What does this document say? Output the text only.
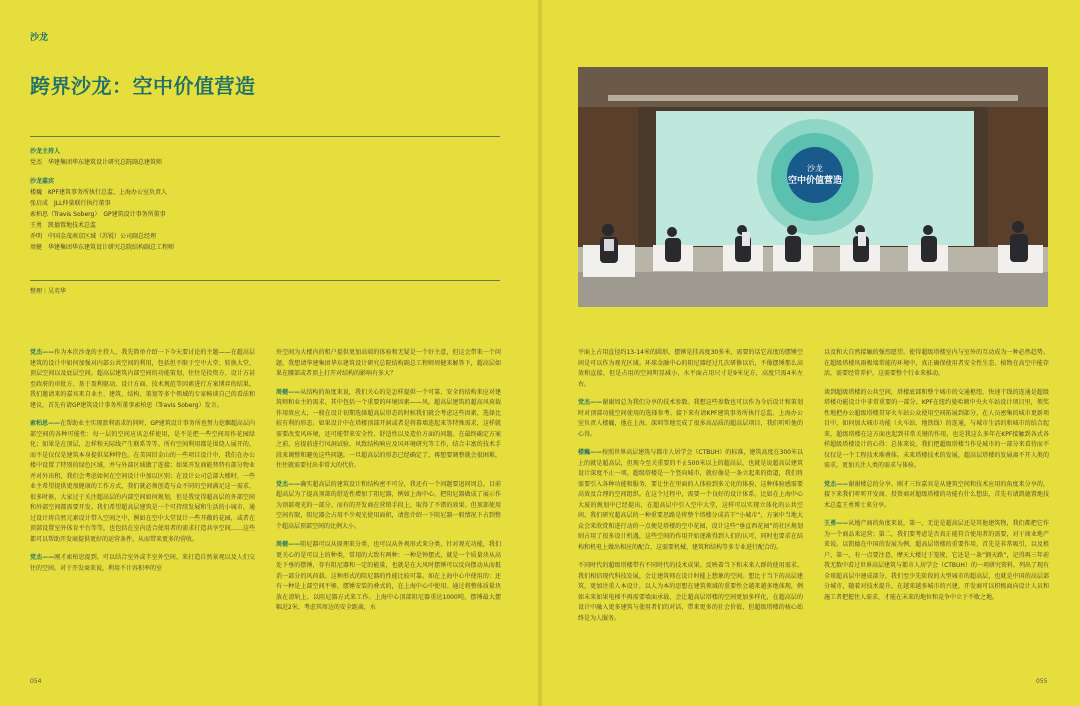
沙龙
跨界沙龙：空中价值营造
沙龙主持人
党杰　华建集团华东建筑设计研究总院副总建筑师
沙龙嘉宾
楼巍　KPF建筑事务所执行总监、上海办公室负责人
张启成　JLL仲量联行执行董事
索柏思（Travis Soberg）　GP建筑设计事务所董事
王勇　凯德置地技术总监
乔明　中国金茂南京区域（苏锐）公司副总经理
周健　华建集团华东建筑设计研究总院结构副总工程师
整理｜吴英华

党杰——作为本次沙龙的主持人，我先简单介绍一下今天要讨论的主题——在超高层建筑的设计中如何加强对内部公共空间的利用，包括但不限于空中大堂、转换大堂、顶层空间以及底层空间。超高层建筑内部空间的功能策划，往往是投资方、设计方甚至政府的审批方、基于盈利驱动、设计方面、技术规范等因素进行方案博弈的结果，我们邀请来的嘉宾来自业主、建筑、结构、策划等多个领域的专家畅谈自己的看法和建议，首先有请GP建筑设计事务所董事索柏思（Travis Soberg）发言。

索柏思——在帮助业主实现盈利需求的同时，GP建筑设计事务所也努力挖掘超高层内部空间的各种可能性：每一层的空间应该怎样使用，是不是把一些空间用作花园绿化；如果是在顶层，怎样和天际线产生联系等等。所有空间利用都是围绕人展开的，而不是仅仅是建筑本身提供某种特色。在美国旧金山的一些项目设计中，我们在办公楼中设置了特别的绿色区域，并与外部区域做了连接；如果开发商能替特有部分物业并对外出租，我们会考虑如何在空间设计中加以区别；在设计公司总部大楼时，一些业主希望提供更加健康的工作方式，我们就必须创造与众不同的空间满足这一需求，很多时候，大家过于关注超高层的内部空间如何规划，但是我觉得超高层的外部空间和外部空间都需要开发。我们希望超高层建筑是一个可持续发展和生活的小城市，通过设计将自然元素设计带入空间之中，例如在空中大堂设计一些开敞的花园，或者在顶部设置室外体育平台等等，也包括在室内适合使用者的需求打造共享空间……这些都可以帮助开发商提供更好的运营条件，从而带来更多的营收。

党杰——刚才索柏思提到，可以结合室外或半室外空间，来打造自然景观以及人们交往的空间。对于开发商来说，利用不计容积率的室

外空间为大楼内的租户提供更加高端的体验和无疑是一个好主意，但这会带来一个问题，我想请华建集团华东建筑设计研究总院结构副总工程师周健来解答下，超高层如果在腰部或者顶上打开对结构的影响有多大？

周健——从结构的角度来说，我们关心的是怎样提供一个可靠、安全的结构来应对建筑师和业主的需求。其中包括一个重要的环境因素——风。超高层建筑的超高风荷载作用效应大，一般在设计初期选择超高层形态的时候我们就会考虑这些因素，选择比较有利的形态。如果设计中在塔楼顶部开洞或者是将幕墙连起来等特殊需求，这样就需要改变风环境，还可能带来安全性、舒适性以及造价方面的问题。在最终确定方案之前，应提前进行风洞试验，风致结构响应及风环境研究等工作，结合丰富的技术手段来调整和避免这些问题。一旦超高层的形态已经确定了，再想要调整就会很困难，往往就需要付出非常大的代价。

党杰——确实超高层的建筑设计和结构密不可分，我还有一个问题要追问周总。目前超高层为了提高顶部的舒适性增加了阻尼器，例如上海中心，把阻尼器做成了展示作为顶部观光的一部分。而有的开发商在营销手段上，取得了不错的效果。但顶部使用空间有限，阻尼器会占用不少观光使用面积，请您介绍一下阻尼器一般情况下占到整个超高层顶部空间的比例大小。

周健——阻尼器可以从原理来分类，也可以从外观形式来分类，针对观光功能，我们更关心的是可以上的种类，常用的大致有两种：一种是钟摆式，就是一个质量块从高处下垂的摆锤，存有阻尼器和一定的能量，也就是在大风时摆锤可以反向摆动从而抵消一部分的风荷载。这种形式的阻尼器的性能比较可靠。如在上海中心中使用的：还有一种是上部空间不够，摆锤安装的叠式的，在上海中心中使用。通过将整体质量块放在滑轨上，以阻尼器方式来工作。上海中心顶部阻尼器重达1000吨，摆锤最大摆幅近2米，考虑其周边的安全距离，水

054
沙龙
空中价值营造

平面上占用直径约13-14米的圆形，摆锤是挂高度30多米，需要的话它高度的摆锤空间是可以作为观光区域。环球金融中心的阻尼器经过几次研修以后，不像摆锤那么高效和直接，但是占用的空间明显减小，水平面占用尺寸是9米见方，高度只需4米左右。

党杰——谢谢周总为我们分享的技术参数。我想这些参数也可以作为今后设计和策划时对顶部功能空间使用的选择参考。接下来有请KPF建筑事务所执行总监、上海办公室负责人楼巍，他在上海、深圳等地完成了很多高品质的超高层项目，我们听听他的心得。

楼巍——按照世界高层建筑与都市人居学会（CTBUH）的标准，建筑高度在300米以上的就是超高层，但现今至关重要的不止500米以上的超高层，也就是说超高层建筑设计深度不止一项。超级塔楼是一个竖向城市，就好像是一条立起来的街道，我们将需要引入各种功能和服务，要让住在里面的人体验到多元化的体验，这种体验感需要高效及合理的空间组织。在这个过程中，需要一个良好的设计体系。比如在上海中心大厦的规划中已经提出，在超高层中引入空中大堂，这样可以实现立体化的公共空间。我们研究超高层的一种重要思路是将整个塔楼分成若干“小城市”，方案中当地大众会来欣赏和进行动的一点便是塔楼的空中花园，设计这些“垂直西花园”的社区规划则占用了很多设计机遇，这些空间的作用开始逐渐得到人们的认可，同时也要求在结构和机电上做出相应的配合，这需要机械、建筑和结构等多专业进行配合的。

不同时代的超级塔楼带有不同时代的技术成果。反映着当下和未来人群的使用需求。我们相信现代科技发展，会让建筑师在设计时能上想象的空间。想比于当下的高层建筑，更加注重人本设计，以人为本的思想在建筑领域的重要性会越来越多地体现，例如未来如果电梯不再需要墙面承载，会让超高层塔楼的空间更加多样化，在超高层的设计中融入更多建筑与使用者们的对话，带来更多的社会价值，但超级塔楼的核心始终是为人服务。

以及和大自然接触的强烈愿望。使得超级塔楼室内与室外的互动成为一种必然趋势。在超级塔楼风雨极端常能的环境中，真正确保使用者安全性生态、植物在高空中能存活，需要经常养护，这需要整个行业来推动。

谈到超级塔楼的公共空间，塔楼底部和整个城市的交通枢纽、快速干线的连通是超级塔楼功能设计中非常重要的一部分。KPF在纽约曼哈顿中央火车站设计项目里，领奖性地把办公超级塔楼贯穿火车站公众使用空间拓展到部分，在人员密集的城市更新项目中，如何加大城市功能（火车站、地铁线）的连通，与城市生活的和城市的结合起来，超级塔楼在这方面也起到非常关键的作用，也是我这么多年在KPF接触到各式各样超级塔楼设计的心得：总体来说，我们把超级塔楼当作是城市的一部分来看待而不仅仅是一个工程技术堆叠体。未来塔楼技术的发展，超高层塔楼的发展离不开人类的需求，更加关注人类的需求与体验。

党杰——谢谢楼总的分享。刚才三位嘉宾是从建筑空间和技术应用的角度来分享的，接下来我们听听开发商、投资商对超级塔楼的功能有什么想法，首先有请凯德置地技术总监王勇博士来分享。

王勇——从地产商的角度来说，第一，无论是超高层还是其他建筑物，我们都把它作为一个商品来运营；第二，我们要考虑是否真正能符合使用者的需要，对于商业地产来说。以凯德在中国的发展为例，超高层塔楼的重要作用，首先是非常吸引，以及租户，第一，有一点要注意，摩天大楼过于笼统，它还是一条“钢天路”，记得再三年前我无数中看过世界高层建筑与都市人居学会（CTBUH）的一项研究资料，列出了现有全球超高层中建成部分，我们至少先阶段的大型城市的超高层，也就是中国的高层部分城市，随着对技术提升，在越来越多城市的兴建，开发商可以积极面向设计人员和施工者把握住人需求，才能在未来的地位和竞争中立于不败之地。

055
